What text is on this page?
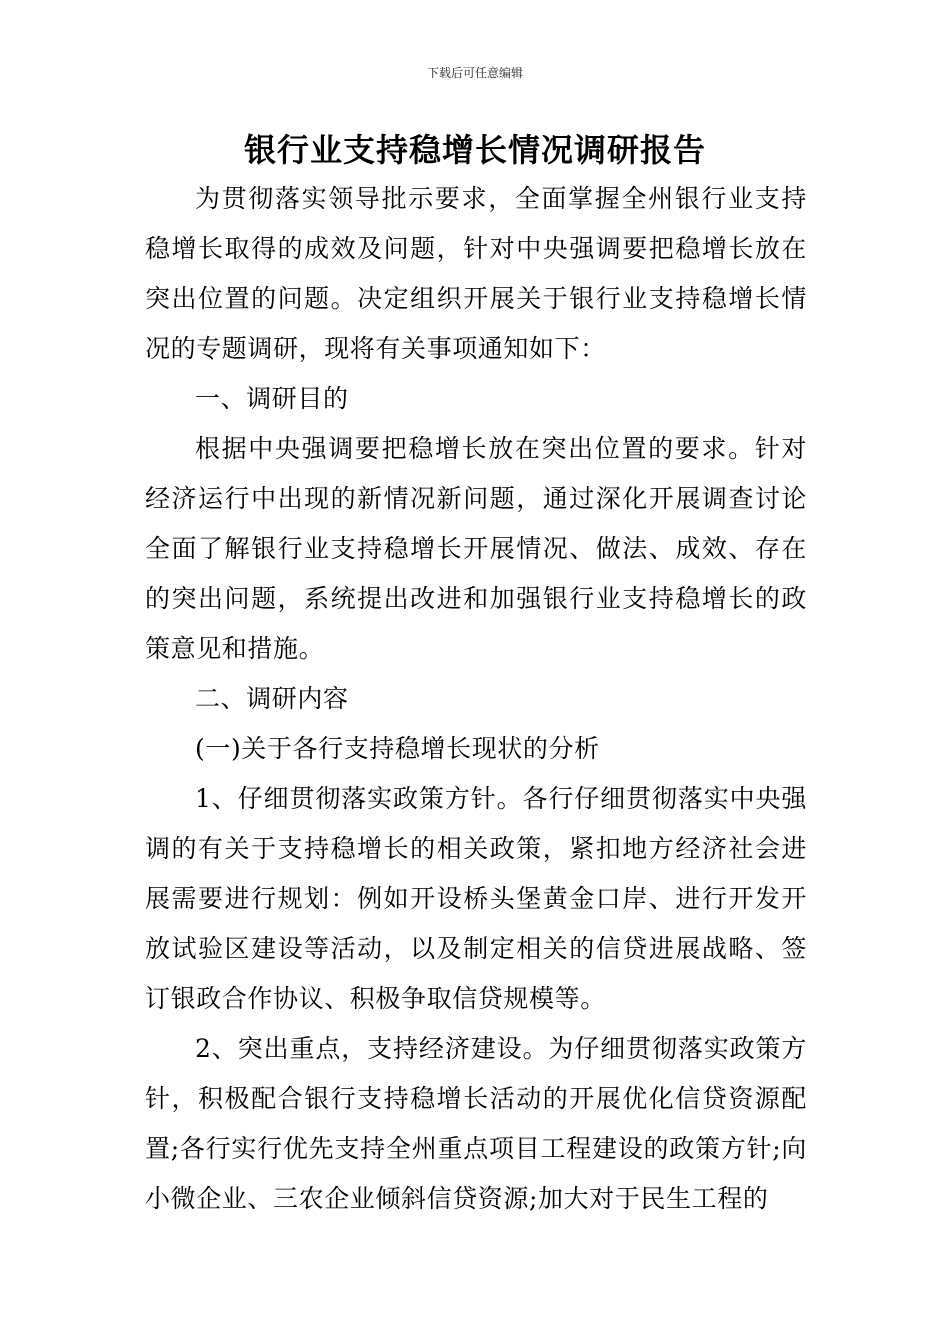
下载后可任意编辑
银行业支持稳增长情况调研报告

为贯彻落实领导批示要求，全面掌握全州银行业支持稳增长取得的成效及问题，针对中央强调要把稳增长放在突出位置的问题。决定组织开展关于银行业支持稳增长情况的专题调研，现将有关事项通知如下：

一、调研目的

根据中央强调要把稳增长放在突出位置的要求。针对经济运行中出现的新情况新问题，通过深化开展调查讨论全面了解银行业支持稳增长开展情况、做法、成效、存在的突出问题，系统提出改进和加强银行业支持稳增长的政策意见和措施。

二、调研内容

(一)关于各行支持稳增长现状的分析

1、仔细贯彻落实政策方针。各行仔细贯彻落实中央强调的有关于支持稳增长的相关政策，紧扣地方经济社会进展需要进行规划：例如开设桥头堡黄金口岸、进行开发开放试验区建设等活动，以及制定相关的信贷进展战略、签订银政合作协议、积极争取信贷规模等。

2、突出重点，支持经济建设。为仔细贯彻落实政策方针，积极配合银行支持稳增长活动的开展优化信贷资源配置;各行实行优先支持全州重点项目工程建设的政策方针;向小微企业、三农企业倾斜信贷资源;加大对于民生工程的
